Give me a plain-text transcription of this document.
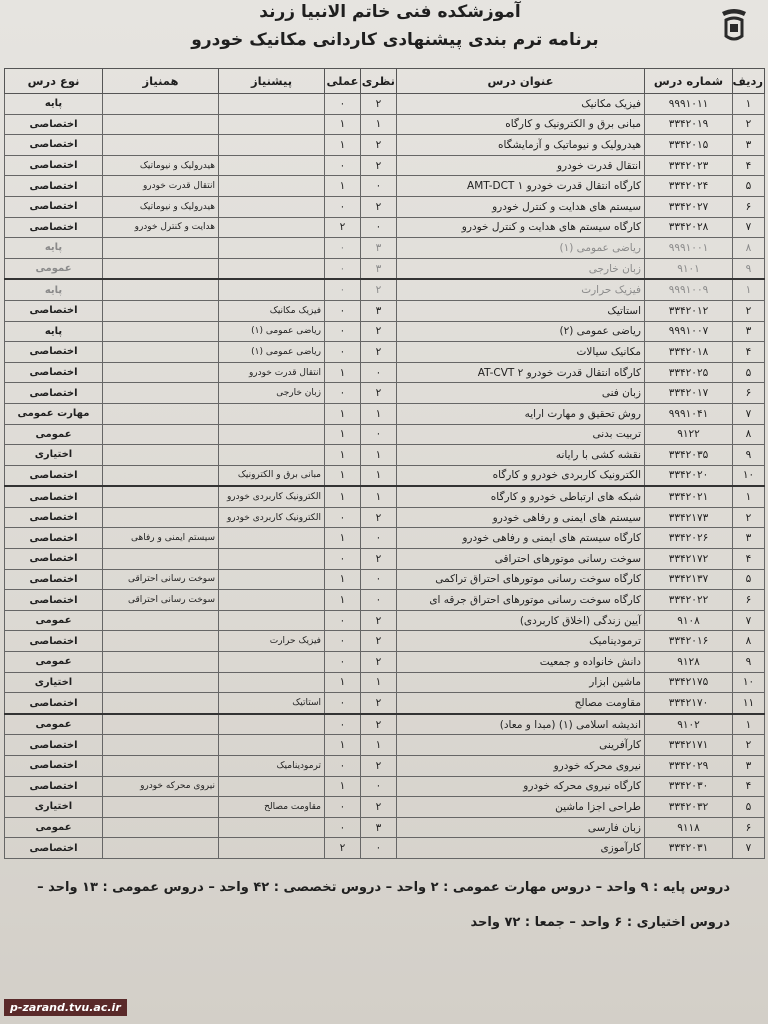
آموزشکده فنی خاتم الانبیا زرند
برنامه ترم بندی پیشنهادی کاردانی مکانیک خودرو
ردیف	شماره درس	عنوان درس	نظری	عملی	پیشنیاز	همنیاز	نوع درس
۱	۹۹۹۱۰۱۱	فیزیک مکانیک	۲	۰			پایه
۲	۳۳۴۲۰۱۹	مبانی برق و الکترونیک و کارگاه	۱	۱			اختصاصی
۳	۳۳۴۲۰۱۵	هیدرولیک و نیوماتیک و آزمایشگاه	۲	۱			اختصاصی
۴	۳۳۴۲۰۲۳	انتقال قدرت خودرو	۲	۰		هیدرولیک و نیوماتیک	اختصاصی
۵	۳۳۴۲۰۲۴	کارگاه انتقال قدرت خودرو ۱ AMT-DCT	۰	۱		انتقال قدرت خودرو	اختصاصی
۶	۳۳۴۲۰۲۷	سیستم های هدایت و کنترل خودرو	۲	۰		هیدرولیک و نیوماتیک	اختصاصی
۷	۳۳۴۲۰۲۸	کارگاه سیستم های هدایت و کنترل خودرو	۰	۲		هدایت و کنترل خودرو	اختصاصی
۸	۹۹۹۱۰۰۱	ریاضی عمومی (۱)	۳	۰			پایه
۹	۹۱۰۱	زبان خارجی	۳	۰			عمومی
۱	۹۹۹۱۰۰۹	فیزیک حرارت	۲	۰			پایه
۲	۳۳۴۲۰۱۲	استاتیک	۳	۰	فیزیک مکانیک		اختصاصی
۳	۹۹۹۱۰۰۷	ریاضی عمومی (۲)	۲	۰	ریاضی عمومی (۱)		پایه
۴	۳۳۴۲۰۱۸	مکانیک سیالات	۲	۰	ریاضی عمومی (۱)		اختصاصی
۵	۳۳۴۲۰۲۵	کارگاه انتقال قدرت خودرو ۲ AT-CVT	۰	۱	انتقال قدرت خودرو		اختصاصی
۶	۳۳۴۲۰۱۷	زبان فنی	۲	۰	زبان خارجی		اختصاصی
۷	۹۹۹۱۰۴۱	روش تحقیق و مهارت ارایه	۱	۱			مهارت عمومی
۸	۹۱۲۲	تربیت بدنی	۰	۱			عمومی
۹	۳۳۴۲۰۳۵	نقشه کشی با رایانه	۱	۱			اختیاری
۱۰	۳۳۴۲۰۲۰	الکترونیک کاربردی خودرو و کارگاه	۱	۱	مبانی برق و الکترونیک		اختصاصی
۱	۳۳۴۲۰۲۱	شبکه های ارتباطی خودرو و کارگاه	۱	۱	الکترونیک کاربردی خودرو		اختصاصی
۲	۳۳۴۲۱۷۳	سیستم های ایمنی و رفاهی خودرو	۲	۰	الکترونیک کاربردی خودرو		اختصاصی
۳	۳۳۴۲۰۲۶	کارگاه سیستم های ایمنی و رفاهی خودرو	۰	۱		سیستم ایمنی و رفاهی	اختصاصی
۴	۳۳۴۲۱۷۲	سوخت رسانی موتورهای احتراقی	۲	۰			اختصاصی
۵	۳۳۴۲۱۳۷	کارگاه سوخت رسانی موتورهای احتراق تراکمی	۰	۱		سوخت رسانی احتراقی	اختصاصی
۶	۳۳۴۲۰۲۲	کارگاه سوخت رسانی موتورهای احتراق جرقه ای	۰	۱		سوخت رسانی احتراقی	اختصاصی
۷	۹۱۰۸	آیین زندگی (اخلاق کاربردی)	۲	۰			عمومی
۸	۳۳۴۲۰۱۶	ترمودینامیک	۲	۰	فیزیک حرارت		اختصاصی
۹	۹۱۲۸	دانش خانواده و جمعیت	۲	۰			عمومی
۱۰	۳۳۴۲۱۷۵	ماشین ابزار	۱	۱			اختیاری
۱۱	۳۳۴۲۱۷۰	مقاومت مصالح	۲	۰	استاتیک		اختصاصی
۱	۹۱۰۲	اندیشه اسلامی (۱) (مبدا و معاد)	۲	۰			عمومی
۲	۳۳۴۲۱۷۱	کارآفرینی	۱	۱			اختصاصی
۳	۳۳۴۲۰۲۹	نیروی محرکه خودرو	۲	۰	ترمودینامیک		اختصاصی
۴	۳۳۴۲۰۳۰	کارگاه نیروی محرکه خودرو	۰	۱		نیروی محرکه خودرو	اختصاصی
۵	۳۳۴۲۰۳۲	طراحی اجزا ماشین	۲	۰	مقاومت مصالح		اختیاری
۶	۹۱۱۸	زبان فارسی	۳	۰			عمومی
۷	۳۳۴۲۰۳۱	کارآموزی	۰	۲			اختصاصی
دروس پایه : ۹ واحد – دروس مهارت عمومی : ۲ واحد – دروس تخصصی : ۴۲ واحد – دروس عمومی : ۱۳ واحد –
دروس اختیاری : ۶ واحد – جمعا : ۷۲ واحد
p-zarand.tvu.ac.ir
